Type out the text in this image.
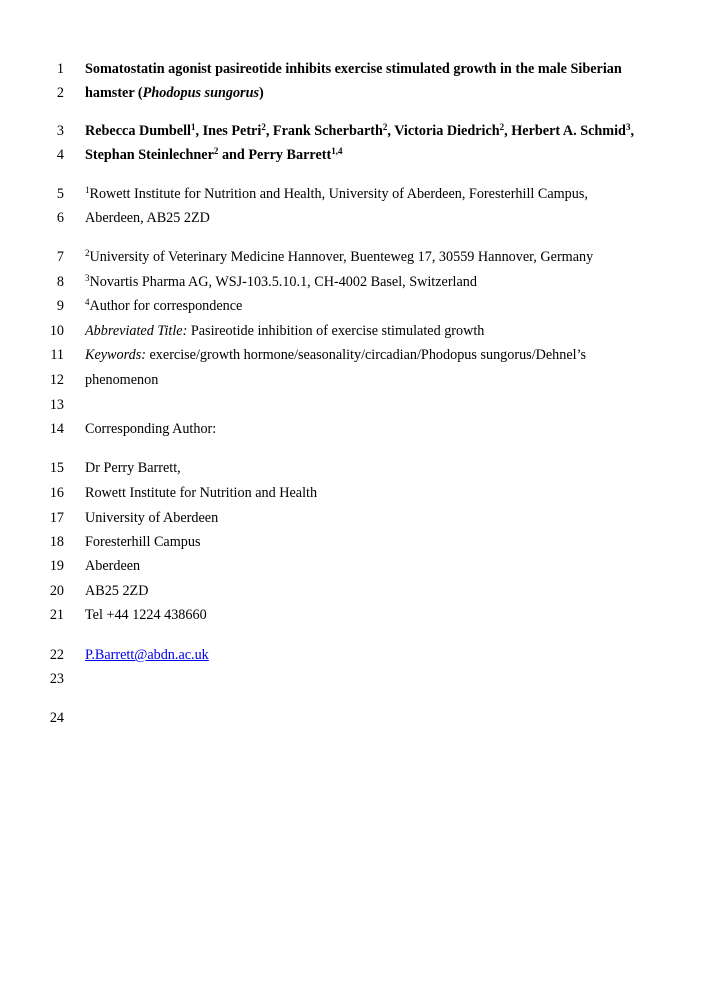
1 Somatostatin agonist pasireotide inhibits exercise stimulated growth in the male Siberian
2 hamster (Phodopus sungorus)
3 Rebecca Dumbell$^1$, Ines Petri$^2$, Frank Scherbarth$^2$, Victoria Diedrich$^2$, Herbert A. Schmid$^3$,
4 Stephan Steinlechner$^2$ and Perry Barrett$^{1,4}$
5 $^1$Rowett Institute for Nutrition and Health, University of Aberdeen, Foresterhill Campus,
6 Aberdeen, AB25 2ZD
7 $^2$University of Veterinary Medicine Hannover, Buenteweg 17, 30559 Hannover, Germany
8 $^3$Novartis Pharma AG, WSJ-103.5.10.1, CH-4002 Basel, Switzerland
9 $^4$Author for correspondence
10 Abbreviated Title: Pasireotide inhibition of exercise stimulated growth
11 Keywords: exercise/growth hormone/seasonality/circadian/Phodopus sungorus/Dehnel’s
12 phenomenon
13
14 Corresponding Author:
15 Dr Perry Barrett,
16 Rowett Institute for Nutrition and Health
17 University of Aberdeen
18 Foresterhill Campus
19 Aberdeen
20 AB25 2ZD
21 Tel +44 1224 438660
22 P.Barrett@abdn.ac.uk
23
24
